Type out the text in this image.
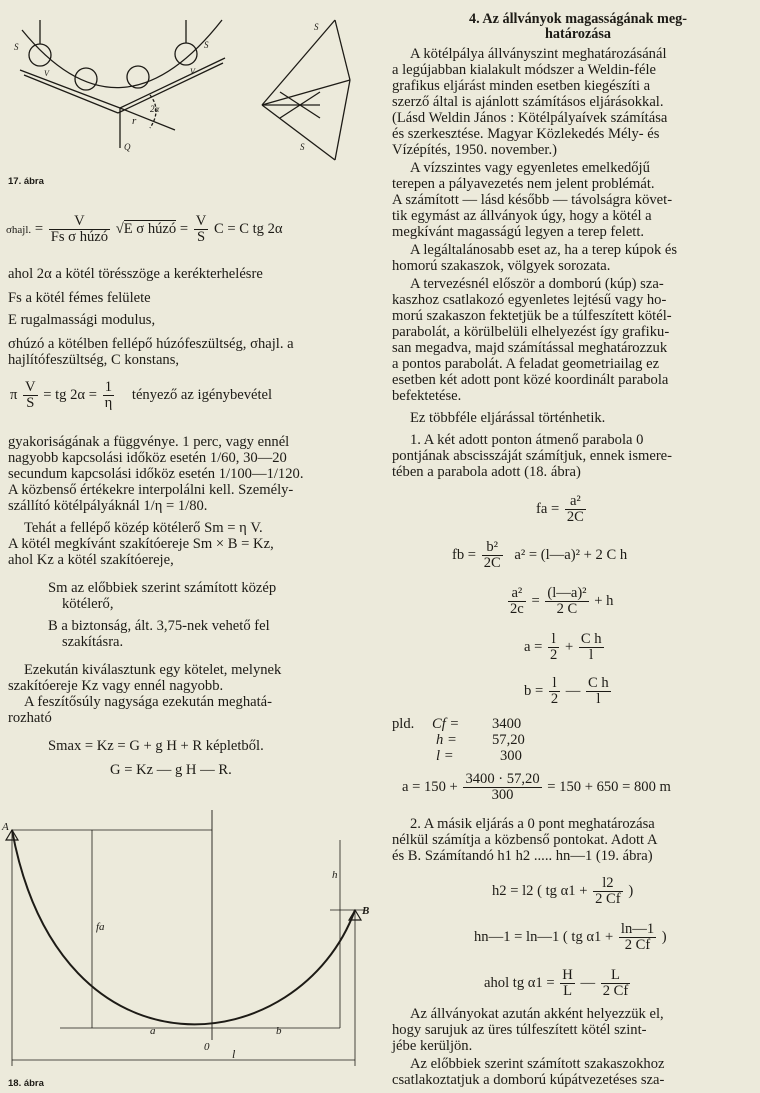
S	S
Q
r
2α
V	V
S
S
17. ábra
σhajl. = $\frac{V}{\text{Fs σ húzó}} √E$ σ húzó = $\frac{V}{S}$ C = C tg 2α

ahol 2α a kötél törésszöge a kerékterhelésre

Fs a kötél fémes felülete

E rugalmassági modulus,

σhúzó a kötélben fellépő húzófeszültség, σhajl. a

hajlítófeszültség, C konstans,

π $\frac{V}{S}$ = tg $2\alpha = \frac{1}{\eta}$ tényező az igénybevétel

gyakoriságának a függvénye. 1 perc, vagy ennél

nagyobb kapcsolási időköz esetén 1/60, 30—20

secundum kapcsolási időköz esetén 1/100—1/120.

A közbenső értékekre interpolálni kell. Személy-

szállító kötélpályáknál 1/η = 1/80.

Tehát a fellépő közép kötélerő Sm = η V.

A kötél megkívánt szakítóereje Sm × B = Kz,

ahol Kz a kötél szakítóereje,

Sm az előbbiek szerint számított közép

kötélerő,

B a biztonság, ált. 3,75-nek vehető fel

szakításra.

Ezekután kiválasztunk egy kötelet, melynek

szakítóereje Kz vagy ennél nagyobb.

A feszítősúly nagysága ezekután meghatá-

rozható

Smax = Kz = G + g H + R képletből.
G = Kz — g H — R.
A
B
fa
h
a	b
0 l
18. ábra
4. Az állványok magasságának meg-
határozása

A kötélpálya állványszint meghatározásánál

a legújabban kialakult módszer a Weldin-féle

grafikus eljárást minden esetben kiegészíti a

szerző által is ajánlott számításos eljárásokkal.

(Lásd Weldin János : Kötélpályaívek számítása

és szerkesztése. Magyar Közlekedés Mély- és

Vízépítés, 1950. november.)

A vízszintes vagy egyenletes emelkedőjű

terepen a pályavezetés nem jelent problémát.

A számított — lásd később — távolságra követ-

tik egymást az állványok úgy, hogy a kötél a

megkívánt magasságú legyen a terep felett.

A legáltalánosabb eset az, ha a terep kúpok és

homorú szakaszok, völgyek sorozata.

A tervezésnél először a domború (kúp) sza-

kaszhoz csatlakozó egyenletes lejtésű vagy ho-

morú szakaszon fektetjük be a túlfeszített kötél-

parabolát, a körülbelüli elhelyezést így grafiku-

san megadva, majd számítással meghatározzuk

a pontos parabolát. A feladat geometriailag ez

esetben két adott pont közé koordinált parabola

befektetése.

Ez többféle eljárással történhetik.

1. A két adott ponton átmenő parabola 0

pontjának abscisszáját számítjuk, ennek ismere-

tében a parabola adott (18. ábra)

fa = $\frac{\text{a²}}{2C}$
fb = $\frac{\text{b²}}{2C} a^2$ = (l—a)² + 2 C h
$\frac{\text{a²}}{2c} = \frac{\text{(l—a)²}}{2 C} + h$
$a = \frac{l}{2} + \frac{\text{C h}}{l}$
$b = \frac{l}{2}$ — $\frac{\text{C h}}{l}$
pld. Cf = 3400
h = 57,20
l =	300
$a = 150 + \frac{3400 \cdot 57,20}{300} = 150 + 650 = 800$ m

2. A másik eljárás a 0 pont meghatározása

nélkül számítja a közbenső pontokat. Adott A

és B. Számítandó h1 h2 ..... hn—1 (19. ábra)

h2 = l2 ( tg $\alpha 1 + \frac{l2}{2 Cf}$ )
hn—1 = ln—1 ( tg $\alpha 1 + \frac{\ln—1}{2 Cf}$ )
ahol tg $\alpha 1 = \frac{H}{L}$ — $\frac{L}{2 Cf}$

Az állványokat azután akként helyezzük el,

hogy sarujuk az üres túlfeszített kötél szint-

jébe kerüljön.

Az előbbiek szerint számított szakaszokhoz

csatlakoztatjuk a domború kúpátvezetéses sza-
